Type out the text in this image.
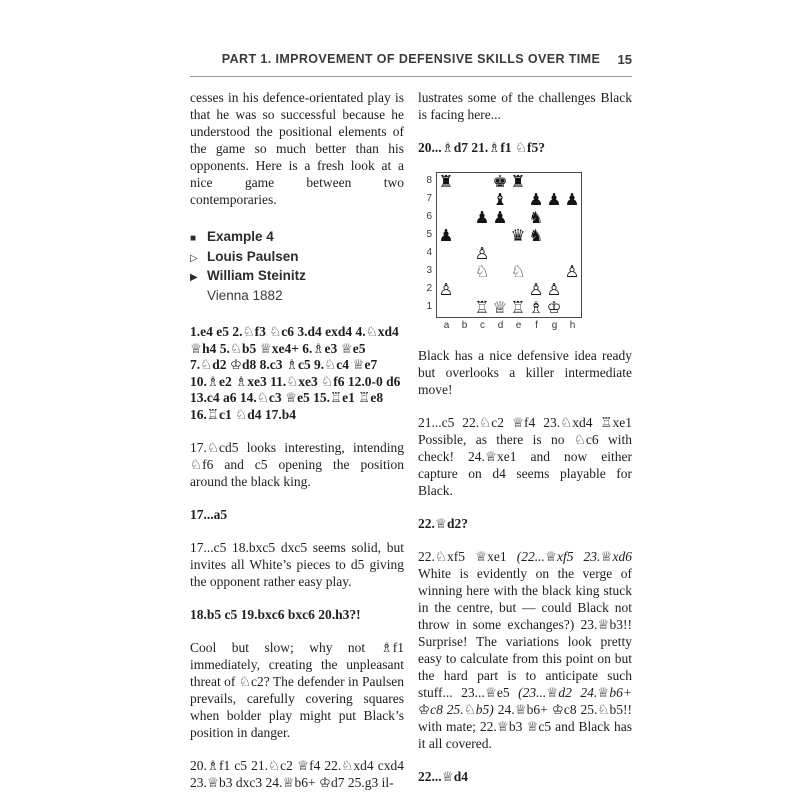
PART 1. IMPROVEMENT OF DEFENSIVE SKILLS OVER TIME	15

cesses in his defence-orientated play is that he was so successful because he understood the positional elements of the game so much better than his opponents. Here is a fresh look at a nice game between two contemporaries.

■ Example 4
▷ Louis Paulsen
▶ William Steinitz
Vienna 1882

1.e4 e5 2.♘f3 ♘c6 3.d4 exd4 4.♘xd4 ♕h4 5.♘b5 ♕xe4+ 6.♗e3 ♕e5 7.♘d2 ♔d8 8.c3 ♗c5 9.♘c4 ♕e7 10.♗e2 ♗xe3 11.♘xe3 ♘f6 12.0-0 d6 13.c4 a6 14.♘c3 ♕e5 15.♖e1 ♖e8 16.♖c1 ♘d4 17.b4

17.♘cd5 looks interesting, intending ♘f6 and c5 opening the position around the black king.

17...a5

17...c5 18.bxc5 dxc5 seems solid, but invites all White’s pieces to d5 giving the opponent rather easy play.

18.b5 c5 19.bxc6 bxc6 20.h3?!

Cool but slow; why not ♗f1 immediately, creating the unpleasant threat of ♘c2? The defender in Paulsen prevails, carefully covering squares when bolder play might put Black’s position in danger.

20.♗f1 c5 21.♘c2 ♕f4 22.♘xd4 cxd4 23.♕b3 dxc3 24.♕b6+ ♔d7 25.g3 il-

lustrates some of the challenges Black is facing here...

20...♗d7 21.♗f1 ♘f5?

8
7
6
5
4
3
2
1
♜ ♚ ♜
♝ ♟ ♟ ♟
♟ ♟ ♞
♟	♛ ♞
♙
♘ ♘ ♙
♙	♙ ♙
♖ ♕ ♖ ♗ ♔
a	b	c	d	e	f	g	h

Black has a nice defensive idea ready but overlooks a killer intermediate move!

21...c5 22.♘c2 ♕f4 23.♘xd4 ♖xe1 Possible, as there is no ♘c6 with check! 24.♕xe1 and now either capture on d4 seems playable for Black.

22.♕d2?

22.♘xf5 ♕xe1 (22...♕xf5 23.♕xd6 White is evidently on the verge of winning here with the black king stuck in the centre, but — could Black not throw in some exchanges?) 23.♕b3!! Surprise! The variations look pretty easy to calculate from this point on but the hard part is to anticipate such stuff... 23...♕e5 (23...♕d2 24.♕b6+ ♔c8 25.♘b5) 24.♕b6+ ♔c8 25.♘b5!! with mate; 22.♕b3 ♕c5 and Black has it all covered.

22...♕d4
